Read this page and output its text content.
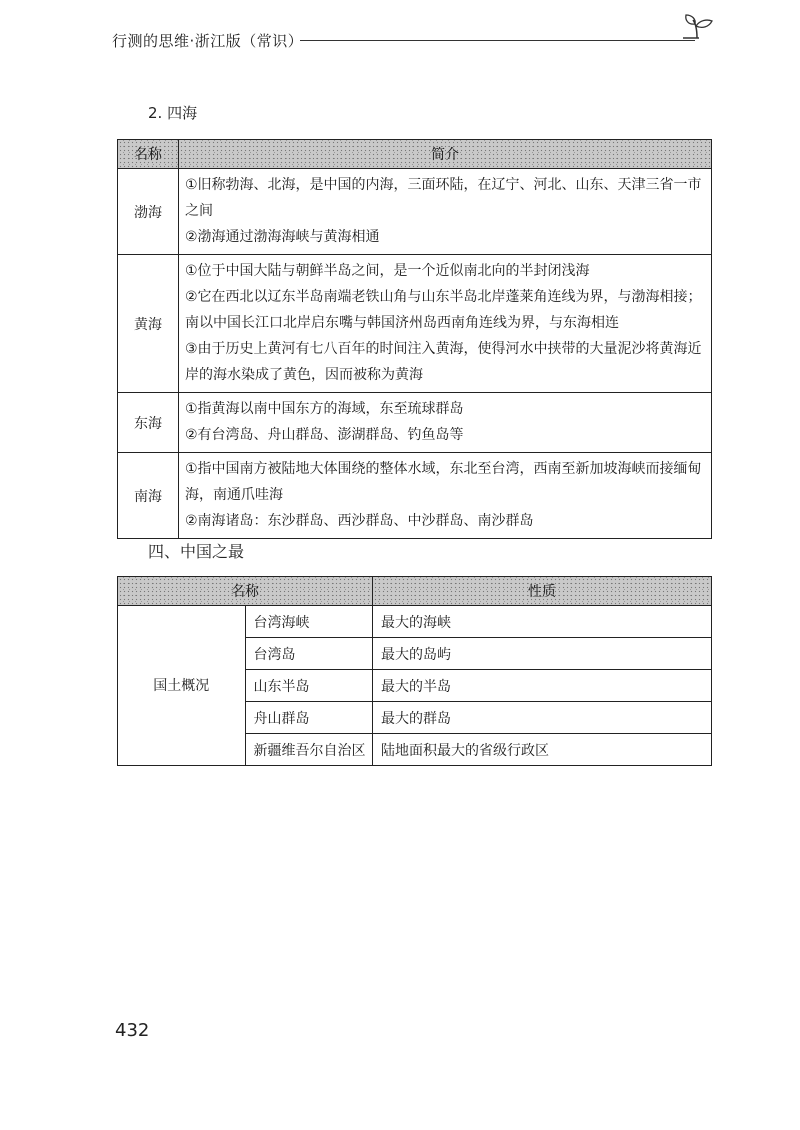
行测的思维·浙江版（常识）
2. 四海
名称	简介
渤海	①旧称勃海、北海，是中国的内海，三面环陆，在辽宁、河北、山东、天津三省一市之间
②渤海通过渤海海峡与黄海相通

黄海	①位于中国大陆与朝鲜半岛之间，是一个近似南北向的半封闭浅海
②它在西北以辽东半岛南端老铁山角与山东半岛北岸蓬莱角连线为界，与渤海相接；南以中国长江口北岸启东嘴与韩国济州岛西南角连线为界，与东海相连
③由于历史上黄河有七八百年的时间注入黄海，使得河水中挟带的大量泥沙将黄海近岸的海水染成了黄色，因而被称为黄海

东海	①指黄海以南中国东方的海域，东至琉球群岛
②有台湾岛、舟山群岛、澎湖群岛、钓鱼岛等

南海	①指中国南方被陆地大体围绕的整体水域，东北至台湾，西南至新加坡海峡而接缅甸海，南通爪哇海
②南海诸岛：东沙群岛、西沙群岛、中沙群岛、南沙群岛
四、中国之最
名称		性质
国土概况	台湾海峡	最大的海峡
	台湾岛	最大的岛屿
	山东半岛	最大的半岛
	舟山群岛	最大的群岛
	新疆维吾尔自治区	陆地面积最大的省级行政区
432
